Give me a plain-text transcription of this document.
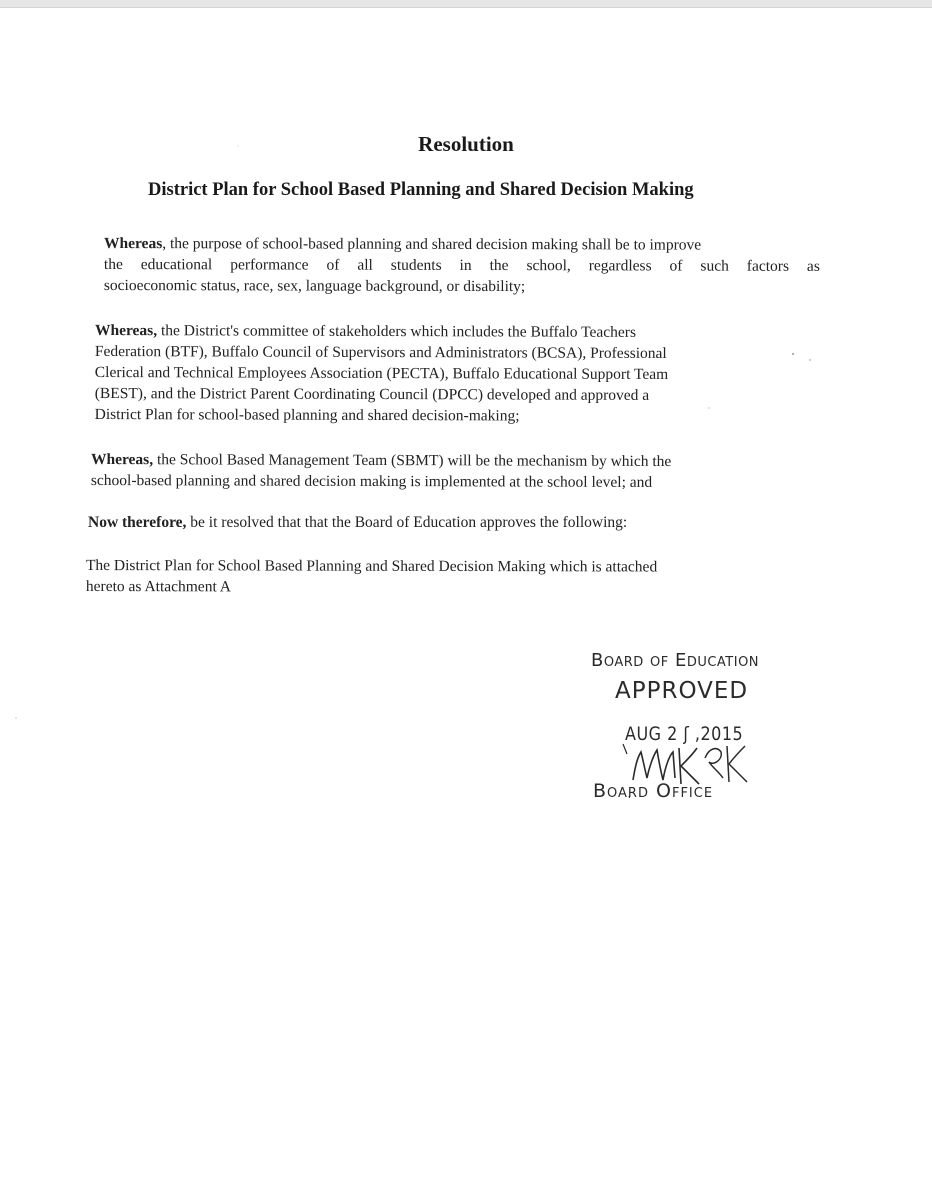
Resolution
District Plan for School Based Planning and Shared Decision Making
Whereas, the purpose of school-based planning and shared decision making shall be to improve
the educational performance of all students in the school, regardless of such factors as
socioeconomic status, race, sex, language background, or disability;
Whereas, the District's committee of stakeholders which includes the Buffalo Teachers
Federation (BTF), Buffalo Council of Supervisors and Administrators (BCSA), Professional
Clerical and Technical Employees Association (PECTA), Buffalo Educational Support Team
(BEST), and the District Parent Coordinating Council (DPCC) developed and approved a
District Plan for school-based planning and shared decision-making;
Whereas, the School Based Management Team (SBMT) will be the mechanism by which the
school-based planning and shared decision making is implemented at the school level; and
Now therefore, be it resolved that that the Board of Education approves the following:
The District Plan for School Based Planning and Shared Decision Making which is attached
hereto as Attachment A
Board of Education
APPROVED
AUG 2 ʃ ,2015
Board Office
